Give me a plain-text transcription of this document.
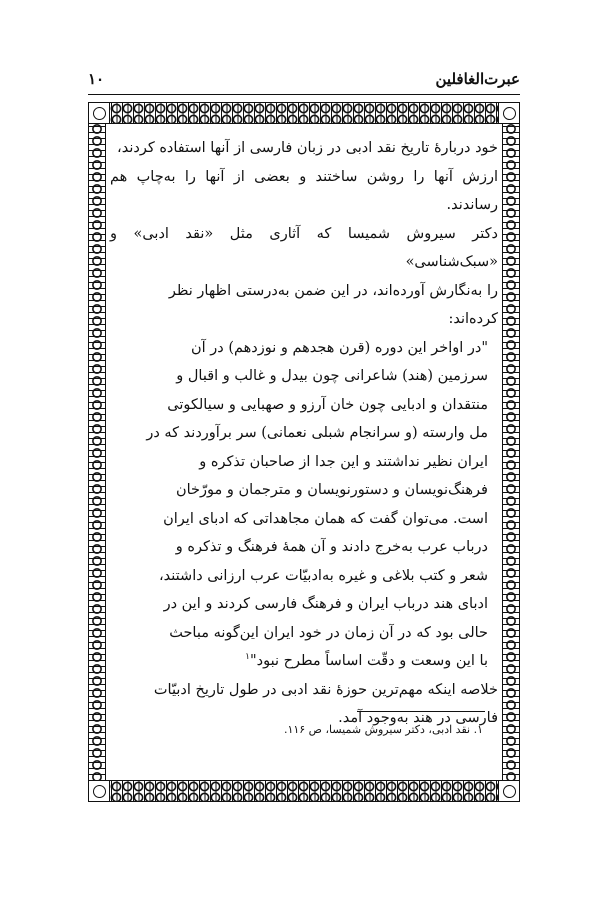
عبرت‌الغافلین
۱۰

خود دربارهٔ تاریخ نقد ادبی در زبان فارسی از آنها استفاده کردند،
ارزش آنها را روشن ساختند و بعضی از آنها را به‌چاپ هم رساندند.

دکتر سیروش شمیسا که آثاری مثل «نقد ادبی» و «سبک‌شناسی»
را به‌نگارش آورده‌اند، در این ضمن به‌درستی اظهار نظر
کرده‌اند:

"در اواخر این دوره (قرن هجدهم و نوزدهم) در آن
سرزمین (هند) شاعرانی چون بیدل و غالب و اقبال و
منتقدان و ادبایی چون خان آرزو و صهبایی و سیالکوتی
مل وارسته (و سرانجام شبلی نعمانی) سر برآوردند که در
ایران نظیر نداشتند و این جدا از صاحبان تذکره و
فرهنگ‌نویسان و دستورنویسان و مترجمان و مورّخان
است. می‌توان گفت که همان مجاهداتی که ادبای ایران
درباب عرب به‌خرج دادند و آن همهٔ فرهنگ و تذکره و
شعر و کتب بلاغی و غیره به‌ادبیّات عرب ارزانی داشتند،
ادبای هند درباب ایران و فرهنگ فارسی کردند و این در
حالی بود که در آن زمان در خود ایران این‌گونه مباحث
با این وسعت و دقّت اساساً مطرح نبود"$^۱$

خلاصه اینکه مهم‌ترین حوزهٔ نقد ادبی در طول تاریخ ادبیّات
فارسی در هند به‌وجود آمد.

۱. نقد ادبی، دکتر سیروش شمیسا، ص ۱۱۶.
